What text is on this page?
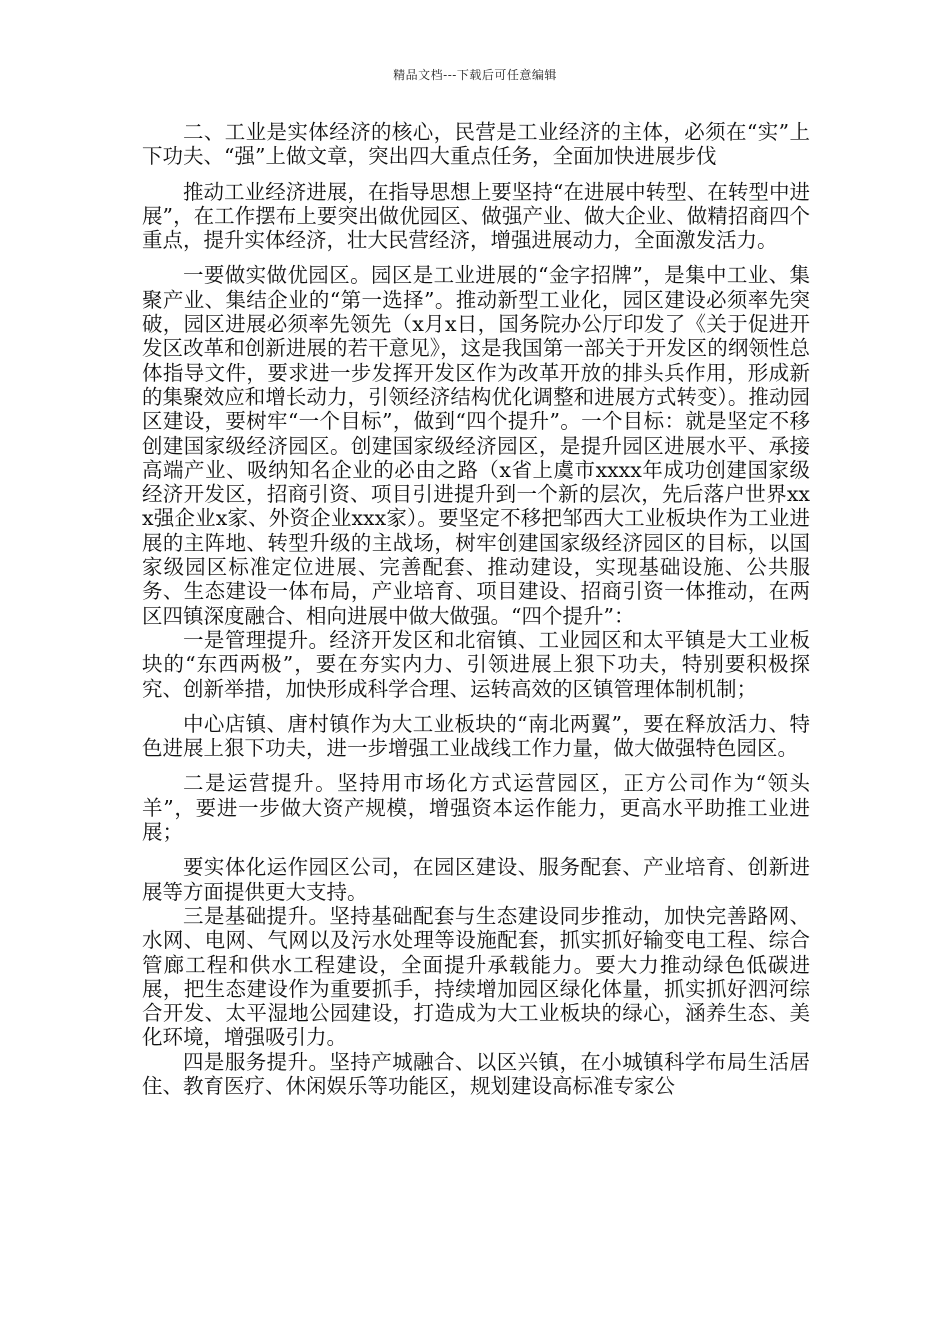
精品文档---下载后可任意编辑

二、工业是实体经济的核心，民营是工业经济的主体，必须在“实”上下功夫、“强”上做文章，突出四大重点任务，全面加快进展步伐

推动工业经济进展，在指导思想上要坚持“在进展中转型、在转型中进展”，在工作摆布上要突出做优园区、做强产业、做大企业、做精招商四个重点，提升实体经济，壮大民营经济，增强进展动力，全面激发活力。

一要做实做优园区。园区是工业进展的“金字招牌”，是集中工业、集聚产业、集结企业的“第一选择”。推动新型工业化，园区建设必须率先突破，园区进展必须率先领先（x月x日，国务院办公厅印发了《关于促进开发区改革和创新进展的若干意见》，这是我国第一部关于开发区的纲领性总体指导文件，要求进一步发挥开发区作为改革开放的排头兵作用，形成新的集聚效应和增长动力，引领经济结构优化调整和进展方式转变）。推动园区建设，要树牢“一个目标”，做到“四个提升”。一个目标：就是坚定不移创建国家级经济园区。创建国家级经济园区，是提升园区进展水平、承接高端产业、吸纳知名企业的必由之路（x省上虞市xxxx年成功创建国家级经济开发区，招商引资、项目引进提升到一个新的层次，先后落户世界xxx强企业x家、外资企业xxx家）。要坚定不移把邹西大工业板块作为工业进展的主阵地、转型升级的主战场，树牢创建国家级经济园区的目标，以国家级园区标准定位进展、完善配套、推动建设，实现基础设施、公共服务、生态建设一体布局，产业培育、项目建设、招商引资一体推动，在两区四镇深度融合、相向进展中做大做强。“四个提升”：

一是管理提升。经济开发区和北宿镇、工业园区和太平镇是大工业板块的“东西两极”，要在夯实内力、引领进展上狠下功夫，特别要积极探究、创新举措，加快形成科学合理、运转高效的区镇管理体制机制；

中心店镇、唐村镇作为大工业板块的“南北两翼”，要在释放活力、特色进展上狠下功夫，进一步增强工业战线工作力量，做大做强特色园区。

二是运营提升。坚持用市场化方式运营园区，正方公司作为“领头羊”，要进一步做大资产规模，增强资本运作能力，更高水平助推工业进展；

要实体化运作园区公司，在园区建设、服务配套、产业培育、创新进展等方面提供更大支持。

三是基础提升。坚持基础配套与生态建设同步推动，加快完善路网、水网、电网、气网以及污水处理等设施配套，抓实抓好输变电工程、综合管廊工程和供水工程建设，全面提升承载能力。要大力推动绿色低碳进展，把生态建设作为重要抓手，持续增加园区绿化体量，抓实抓好泗河综合开发、太平湿地公园建设，打造成为大工业板块的绿心，涵养生态、美化环境，增强吸引力。

四是服务提升。坚持产城融合、以区兴镇，在小城镇科学布局生活居住、教育医疗、休闲娱乐等功能区，规划建设高标准专家公
